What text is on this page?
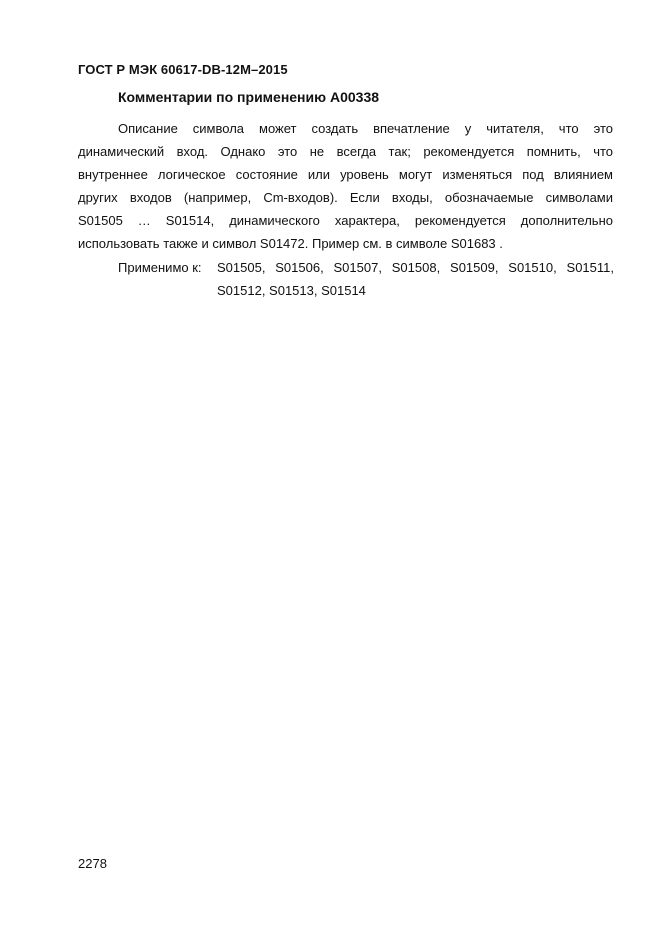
ГОСТ Р МЭК 60617-DB-12M–2015
Комментарии по применению A00338
Описание символа может создать впечатление у читателя, что это
динамический вход. Однако это не всегда так; рекомендуется помнить, что
внутреннее логическое состояние или уровень могут изменяться под влиянием
других входов (например, Cm-входов). Если входы, обозначаемые символами
S01505 … S01514, динамического характера, рекомендуется дополнительно
использовать также и символ S01472. Пример см. в символе S01683 .
Применимо к: S01505, S01506, S01507, S01508, S01509, S01510, S01511,
S01512, S01513, S01514
2278
